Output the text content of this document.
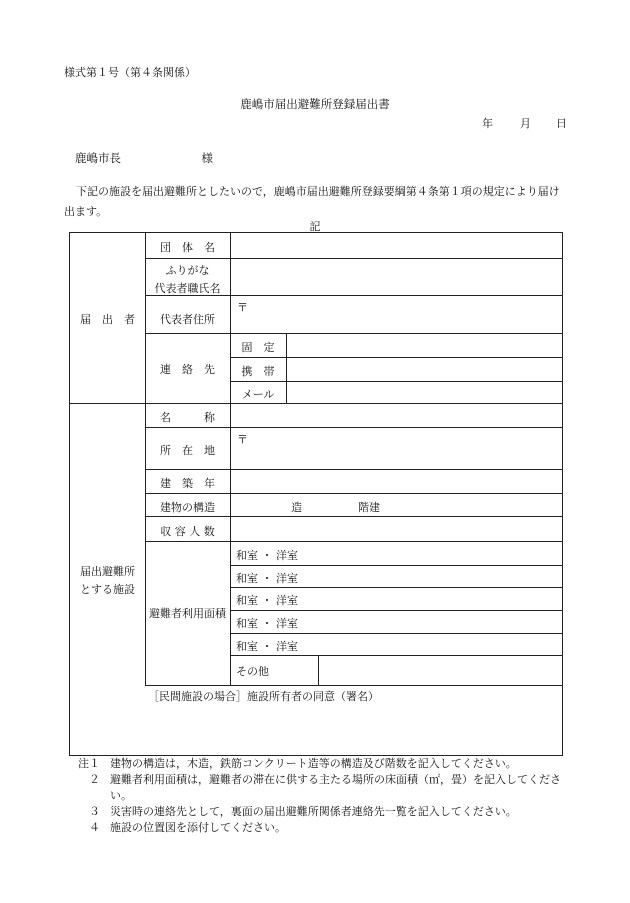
様式第１号（第４条関係）
鹿嶋市届出避難所登録届出書
年 月 日
鹿嶋市長　　　　　　　様
下記の施設を届出避難所としたいので，鹿嶋市届出避難所登録要綱第４条第１項の規定により届け出ます。
記
届　出　者
団　体　名
ふりがな
代表者職氏名
代表者住所
〒
連　絡　先
固　定
携　帯
メール
届出避難所
とする施設
名　　　称
所　在　地
〒
建　築　年
建物の構造	造	階建
収 容 人 数
避難者利用面積
和室 ・ 洋室
和室 ・ 洋室
和室 ・ 洋室
和室 ・ 洋室
和室 ・ 洋室
その他
［民間施設の場合］施設所有者の同意（署名）
注１ 建物の構造は，木造，鉄筋コンクリート造等の構造及び階数を記入してください。
２ 避難者利用面積は，避難者の滞在に供する主たる場所の床面積（㎡，畳）を記入してください。
３ 災害時の連絡先として，裏面の届出避難所関係者連絡先一覧を記入してください。
４ 施設の位置図を添付してください。
